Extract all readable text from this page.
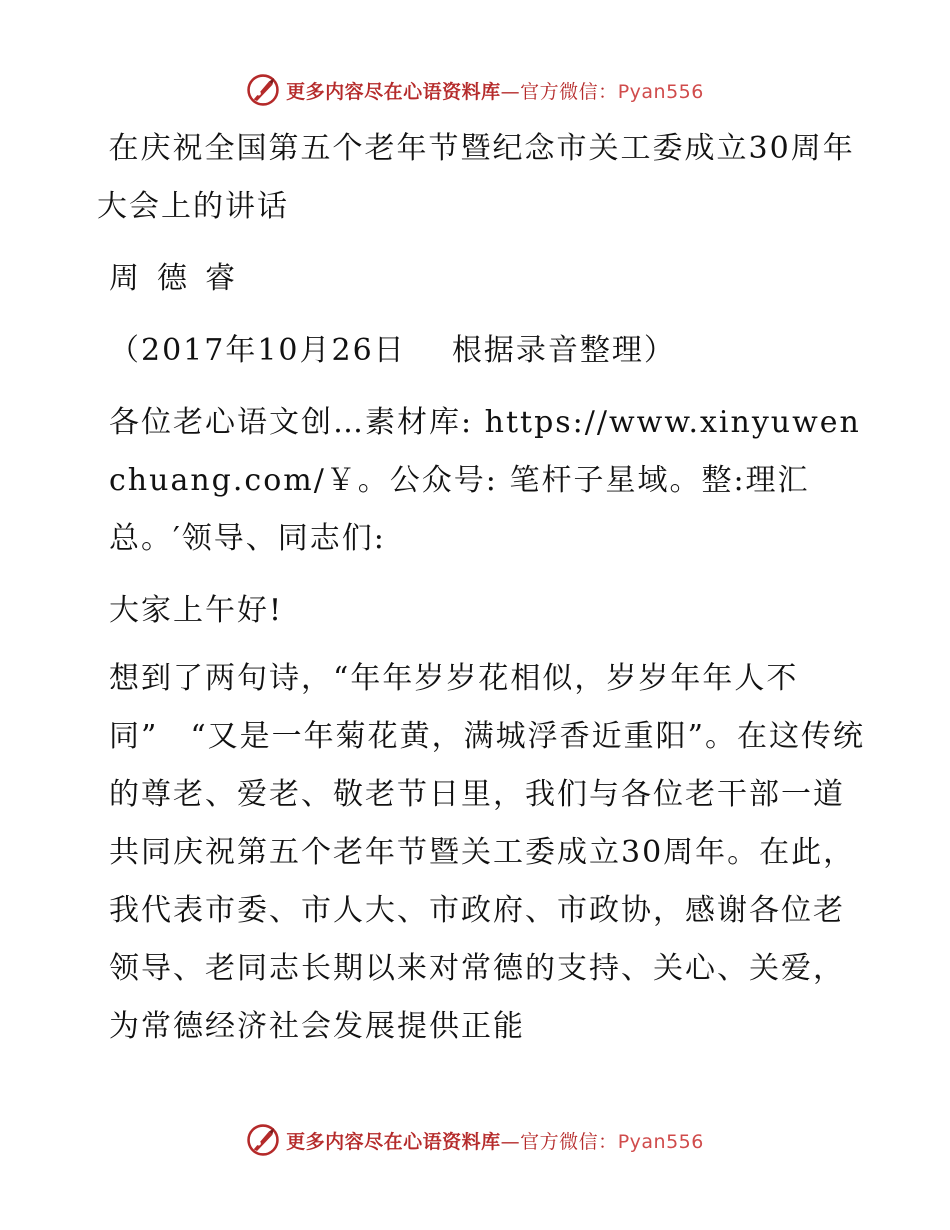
更多内容尽在心语资料库—官方微信：Pyan556

在庆祝全国第五个老年节暨纪念市关工委成立30周年大会上的讲话

周德睿

（2017年10月26日    根据录音整理）

各位老心语文创…素材库: https://www.xinyuwenchuang.com/￥。公众号: 笔杆子星域。整:理汇总。′领导、同志们:

大家上午好!

想到了两句诗，“年年岁岁花相似，岁岁年年人不同”　“又是一年菊花黄，满城浮香近重阳”。在这传统的尊老、爱老、敬老节日里，我们与各位老干部一道共同庆祝第五个老年节暨关工委成立30周年。在此，我代表市委、市人大、市政府、市政协，感谢各位老领导、老同志长期以来对常德的支持、关心、关爱，为常德经济社会发展提供正能

更多内容尽在心语资料库—官方微信：Pyan556
